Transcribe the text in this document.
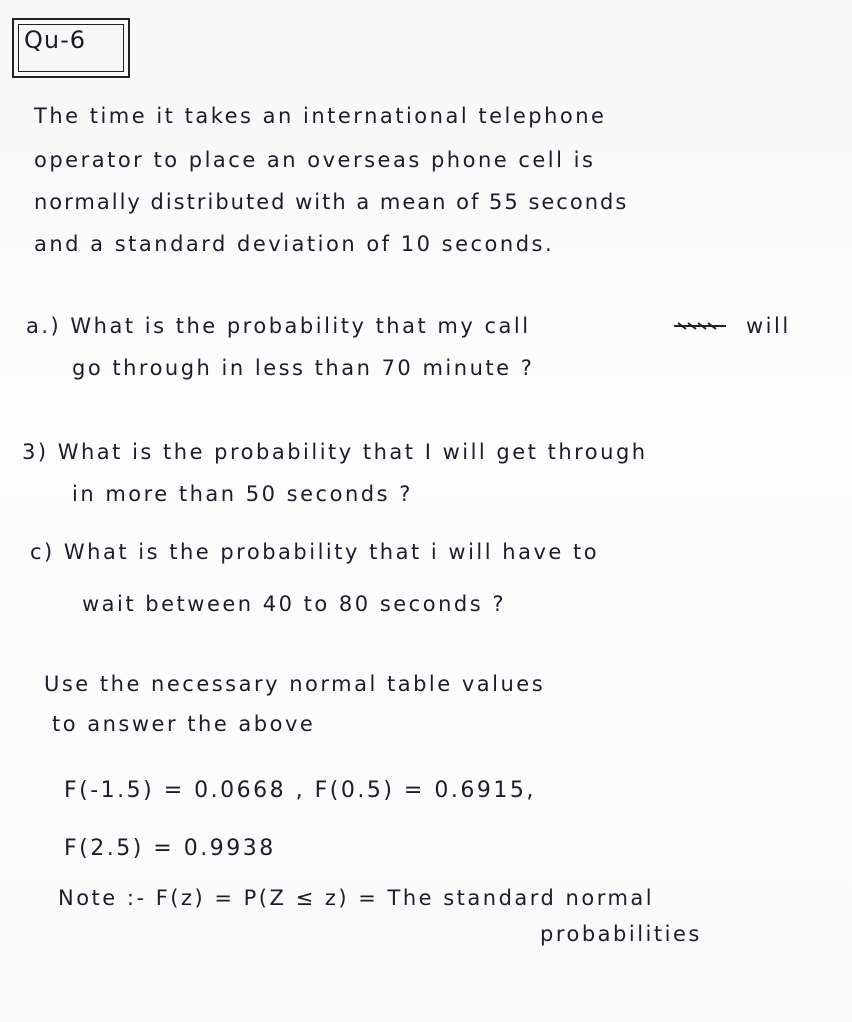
Qu-6
The time it takes an international telephone
operator to place an overseas phone cell is
normally distributed with a mean of 55 seconds
and a standard deviation of 10 seconds.
a.) What is the probability that my call	will
go through in less than 70 minute ?
3) What is the probability that I will get through
in more than 50 seconds ?
c) What is the probability that i will have to
wait between 40 to 80 seconds ?
Use the necessary normal table values
to answer the above
F(-1.5) = 0.0668 , F(0.5) = 0.6915,
F(2.5) = 0.9938
Note :- F(z) = P(Z ≤ z) = The standard normal
probabilities
